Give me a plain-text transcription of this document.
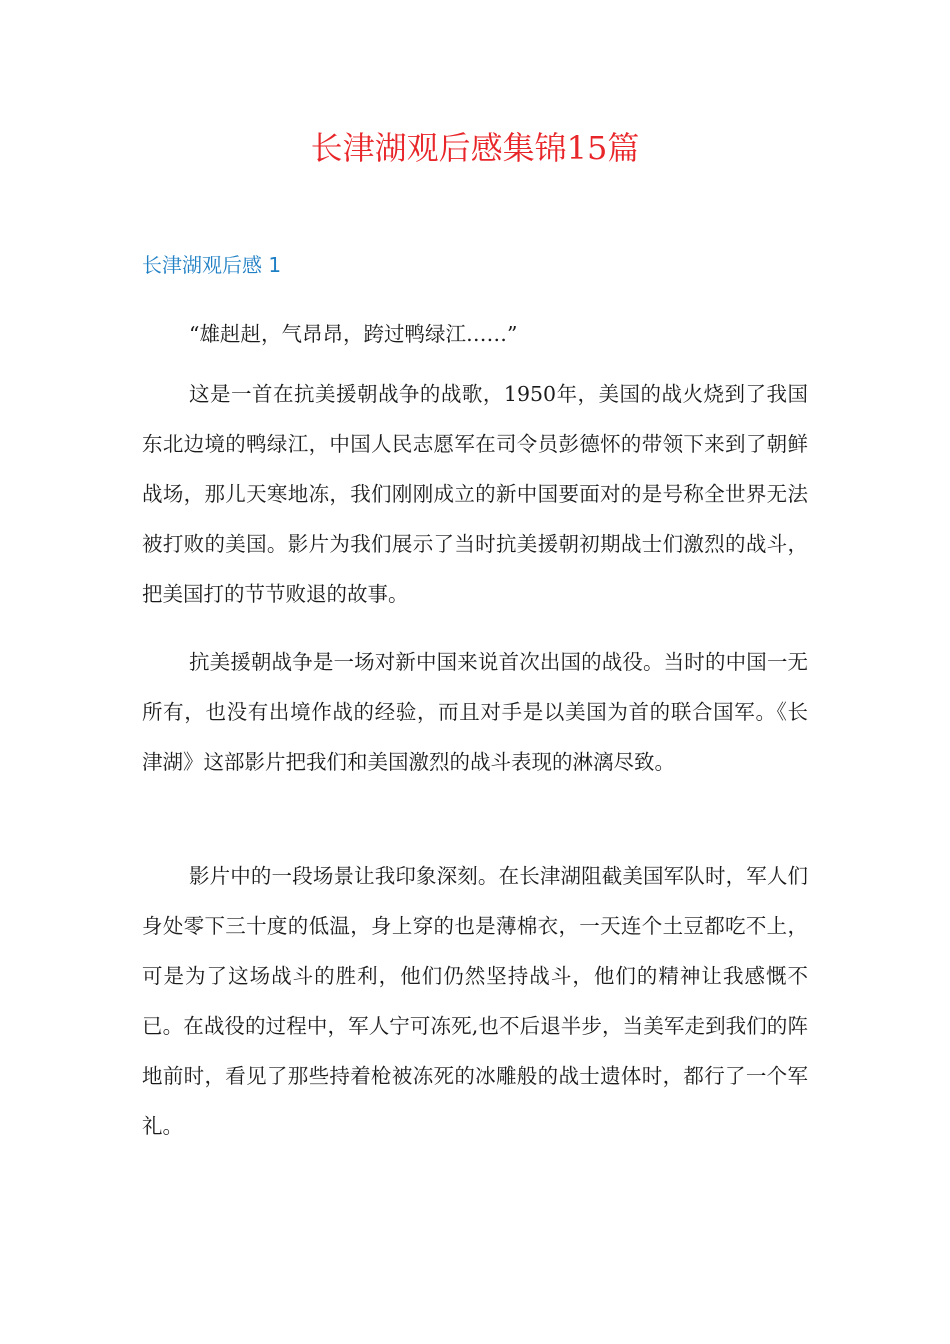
长津湖观后感集锦15篇
长津湖观后感 1

“雄赳赳，气昂昂，跨过鸭绿江……”

这是一首在抗美援朝战争的战歌，1950年，美国的战火烧到了我国东北边境的鸭绿江，中国人民志愿军在司令员彭德怀的带领下来到了朝鲜战场，那儿天寒地冻，我们刚刚成立的新中国要面对的是号称全世界无法被打败的美国。影片为我们展示了当时抗美援朝初期战士们激烈的战斗，把美国打的节节败退的故事。

抗美援朝战争是一场对新中国来说首次出国的战役。当时的中国一无所有，也没有出境作战的经验，而且对手是以美国为首的联合国军。《长津湖》这部影片把我们和美国激烈的战斗表现的淋漓尽致。

影片中的一段场景让我印象深刻。在长津湖阻截美国军队时，军人们身处零下三十度的低温，身上穿的也是薄棉衣，一天连个土豆都吃不上，可是为了这场战斗的胜利，他们仍然坚持战斗，他们的精神让我感慨不已。在战役的过程中，军人宁可冻死,也不后退半步，当美军走到我们的阵地前时，看见了那些持着枪被冻死的冰雕般的战士遗体时，都行了一个军礼。
